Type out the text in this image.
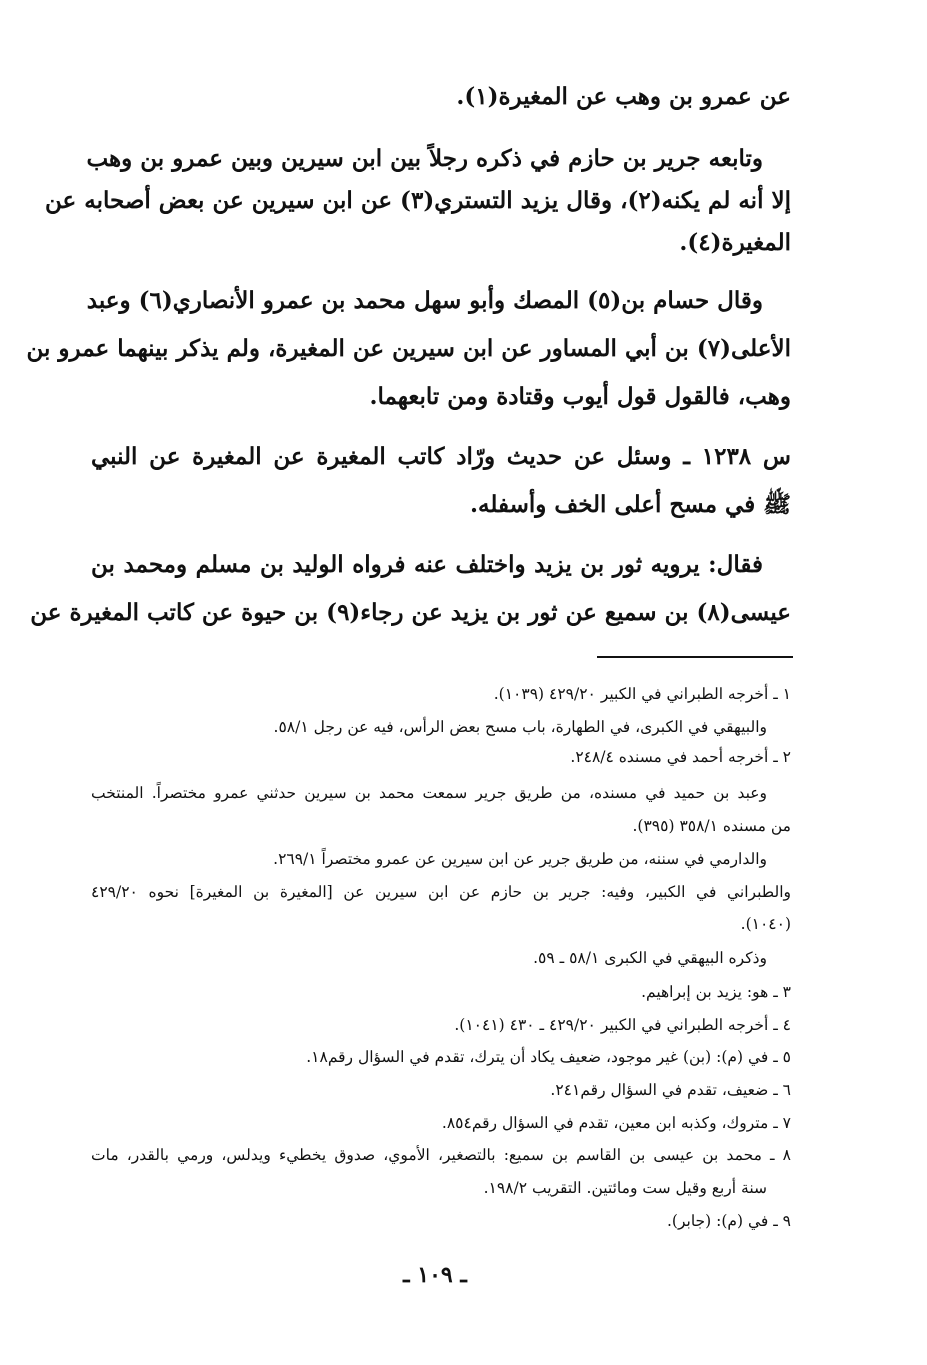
عن عمرو بن وهب عن المغيرة(١).
وتابعه جرير بن حازم في ذكره رجلاً بين ابن سيرين وبين عمرو بن وهب
إلا أنه لم يكنه(٢)، وقال يزيد التستري(٣) عن ابن سيرين عن بعض أصحابه عن
المغيرة(٤).
وقال حسام بن(٥) المصك وأبو سهل محمد بن عمرو الأنصاري(٦) وعبد
الأعلى(٧) بن أبي المساور عن ابن سيرين عن المغيرة، ولم يذكر بينهما عمرو بن
وهب، فالقول قول أيوب وقتادة ومن تابعهما.
س ١٢٣٨ ـ وسئل عن حديث ورّاد كاتب المغيرة عن المغيرة عن النبي
ﷺ في مسح أعلى الخف وأسفله.
فقال: يرويه ثور بن يزيد واختلف عنه فرواه الوليد بن مسلم ومحمد بن
عيسى(٨) بن سميع عن ثور بن يزيد عن رجاء(٩) بن حيوة عن كاتب المغيرة عن
١ ـ أخرجه الطبراني في الكبير ٤٢٩/٢٠ (١٠٣٩).
والبيهقي في الكبرى، في الطهارة، باب مسح بعض الرأس، فيه عن رجل ٥٨/١.
٢ ـ أخرجه أحمد في مسنده ٢٤٨/٤.
وعبد بن حميد في مسنده، من طريق جرير سمعت محمد بن سيرين حدثني عمرو مختصراً. المنتخب
من مسنده ٣٥٨/١ (٣٩٥).
والدارمي في سننه، من طريق جرير عن ابن سيرين عن عمرو مختصراً ٢٦٩/١.
والطبراني في الكبير، وفيه: جرير بن حازم عن ابن سيرين عن [المغيرة بن المغيرة] نحوه ٤٢٩/٢٠
(١٠٤٠).
وذكره البيهقي في الكبرى ٥٨/١ ـ ٥٩.
٣ ـ هو: يزيد بن إبراهيم.
٤ ـ أخرجه الطبراني في الكبير ٤٢٩/٢٠ ـ ٤٣٠ (١٠٤١).
٥ ـ في (م): (بن) غير موجود، ضعيف يكاد أن يترك، تقدم في السؤال رقم١٨.
٦ ـ ضعيف، تقدم في السؤال رقم٢٤١.
٧ ـ متروك، وكذبه ابن معين، تقدم في السؤال رقم٨٥٤.
٨ ـ محمد بن عيسى بن القاسم بن سميع: بالتصغير، الأموي، صدوق يخطيء ويدلس، ورمي بالقدر، مات
سنة أربع وقيل ست ومائتين. التقريب ١٩٨/٢.
٩ ـ في (م): (جابر).
ـ ١٠٩ ـ
